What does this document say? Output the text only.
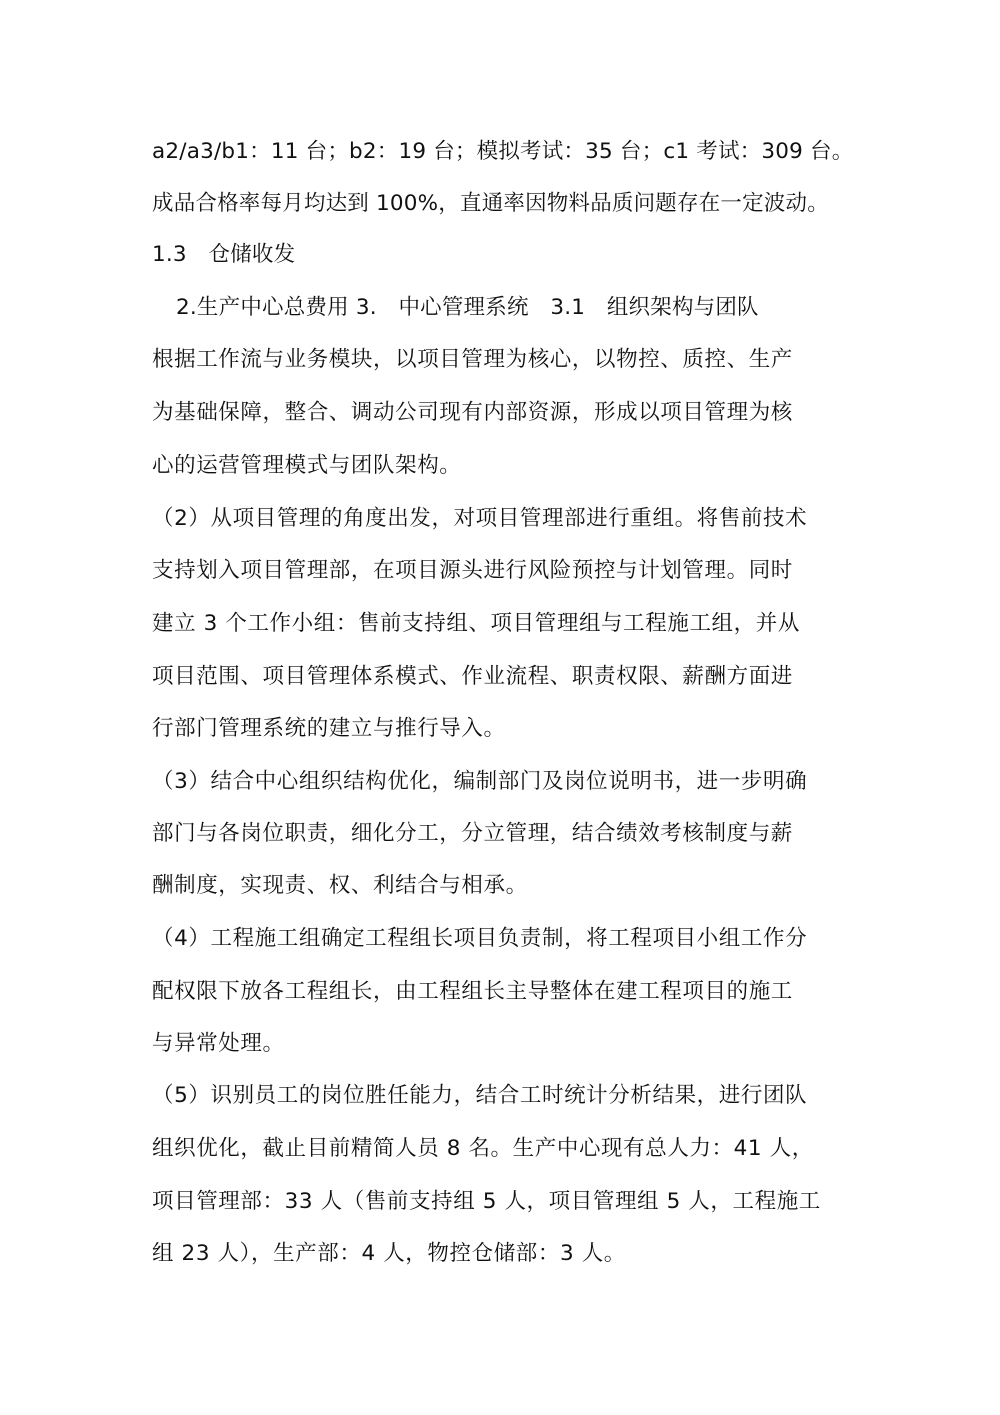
a2/a3/b1：11 台；b2：19 台；模拟考试：35 台；c1 考试：309 台。
成品合格率每月均达到 100%，直通率因物料品质问题存在一定波动。
1.3　仓储收发
2.生产中心总费用 3.　中心管理系统　3.1　组织架构与团队
根据工作流与业务模块，以项目管理为核心，以物控、质控、生产
为基础保障，整合、调动公司现有内部资源，形成以项目管理为核
心的运营管理模式与团队架构。
（2）从项目管理的角度出发，对项目管理部进行重组。将售前技术
支持划入项目管理部，在项目源头进行风险预控与计划管理。同时
建立 3 个工作小组：售前支持组、项目管理组与工程施工组，并从
项目范围、项目管理体系模式、作业流程、职责权限、薪酬方面进
行部门管理系统的建立与推行导入。
（3）结合中心组织结构优化，编制部门及岗位说明书，进一步明确
部门与各岗位职责，细化分工，分立管理，结合绩效考核制度与薪
酬制度，实现责、权、利结合与相承。
（4）工程施工组确定工程组长项目负责制，将工程项目小组工作分
配权限下放各工程组长，由工程组长主导整体在建工程项目的施工
与异常处理。
（5）识别员工的岗位胜任能力，结合工时统计分析结果，进行团队
组织优化，截止目前精简人员 8 名。生产中心现有总人力：41 人，
项目管理部：33 人（售前支持组 5 人，项目管理组 5 人，工程施工
组 23 人），生产部：4 人，物控仓储部：3 人。
